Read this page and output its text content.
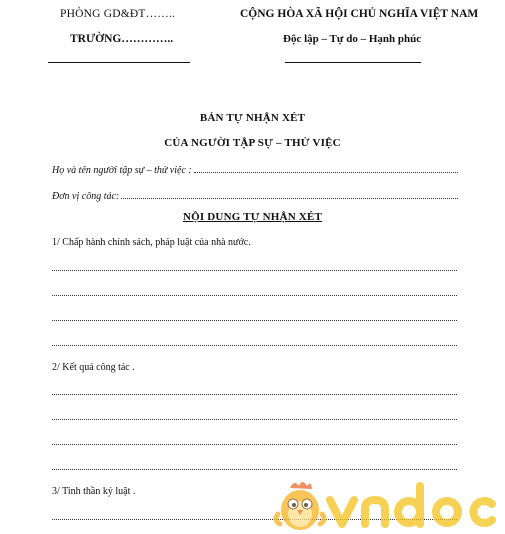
PHÒNG GD&ĐT……..
TRƯỜNG…………..
CỘNG HÒA XÃ HỘI CHỦ NGHĨA VIỆT NAM
Độc lập – Tự do – Hạnh phúc
BẢN TỰ NHẬN XÉT
CỦA NGƯỜI TẬP SỰ – THỬ VIỆC
Họ và tên người tập sự – thử việc :
Đơn vị công tác:
NỘI DUNG TỰ NHẬN XÉT
1/ Chấp hành chính sách, pháp luật của nhà nước.
2/ Kết quả công tác .
3/ Tinh thần kỷ luật .
